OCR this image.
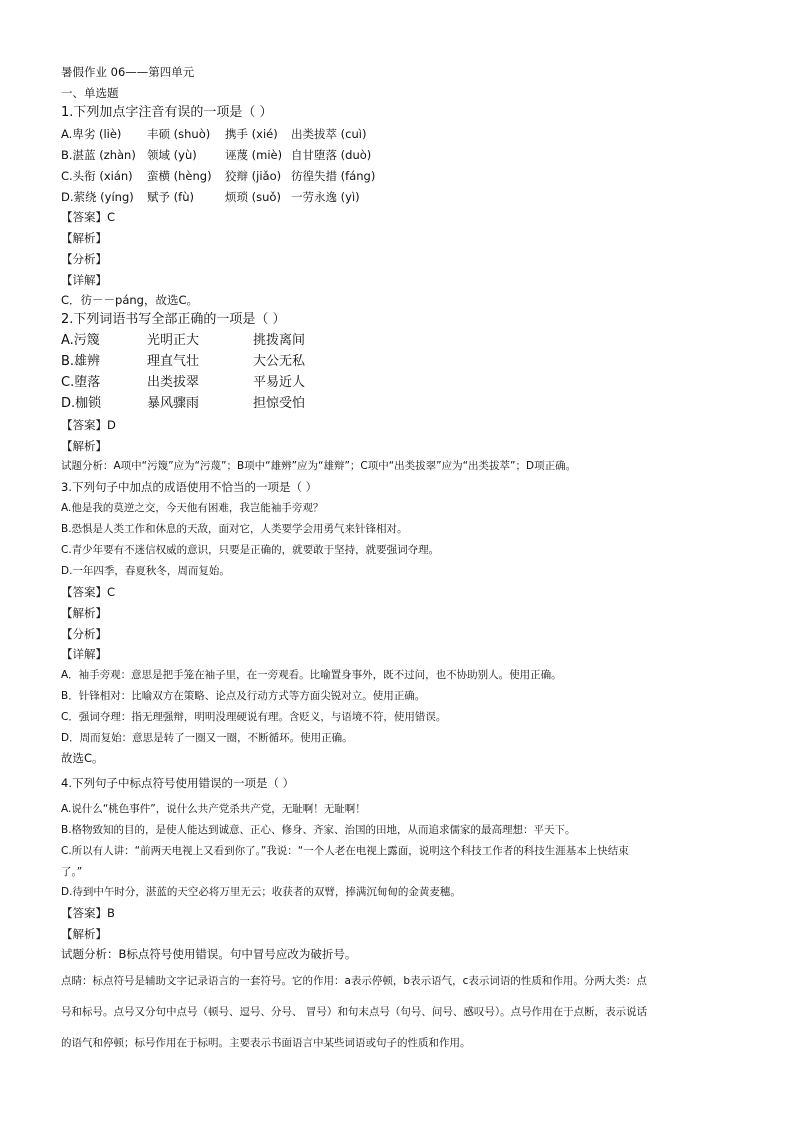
暑假作业 06——第四单元
一、单选题
1.下列加点字注音有误的一项是（ ）
A.卑劣 (liè) 丰硕 (shuò) 携手 (xié) 出类拔萃 (cuì)
B.湛蓝 (zhàn) 领域 (yù) 诬蔑 (miè) 自甘堕落 (duò)
C.头衔 (xián) 蛮横 (hèng) 狡辩 (jiǎo) 彷徨失措 (fáng)
D.萦绕 (yíng) 赋予 (fù)	烦琐 (suǒ) 一劳永逸 (yì)
【答案】C
【解析】
【分析】
【详解】
C．彷－－páng，故选C。
2.下列词语书写全部正确的一项是（ ）
A.污篾	光明正大	挑拨离间
B.雄辨	理直气壮	大公无私
C.堕落	出类拔翠	平易近人
D.枷锁	暴风骤雨	担惊受怕
【答案】D
【解析】
试题分析：A项中“污篾”应为“污蔑”；B项中“雄辨”应为“雄辩”；C项中“出类拔翠”应为“出类拔萃”；D项正确。
3.下列句子中加点的成语使用不恰当的一项是（ ）
A.他是我的莫逆之交，今天他有困难，我岂能袖手旁观？
B.恐惧是人类工作和休息的天敌，面对它，人类要学会用勇气来针锋相对。
C.青少年要有不迷信权威的意识，只要是正确的，就要敢于坚持，就要强词夺理。
D.一年四季，春夏秋冬，周而复始。
【答案】C
【解析】
【分析】
【详解】
A．袖手旁观：意思是把手笼在袖子里，在一旁观看。比喻置身事外，既不过问，也不协助别人。使用正确。
B．针锋相对：比喻双方在策略、论点及行动方式等方面尖锐对立。使用正确。
C．强词夺理：指无理强辩，明明没理硬说有理。含贬义，与语境不符，使用错误。
D．周而复始：意思是转了一圈又一圈，不断循环。使用正确。
故选C。
4.下列句子中标点符号使用错误的一项是（ ）
A.说什么“桃色事件”，说什么共产党杀共产党，无耻啊！无耻啊！
B.格物致知的目的，是使人能达到诚意、正心、修身、齐家、治国的田地，从而追求儒家的最高理想：平天下。
C.所以有人讲：“前两天电视上又看到你了。”我说：“一个人老在电视上露面，说明这个科技工作者的科技生涯基本上快结束
了。”
D.待到中午时分，湛蓝的天空必将万里无云；收获者的双臂，捧满沉甸甸的金黄麦穗。
【答案】B
【解析】
试题分析：B标点符号使用错误。句中冒号应改为破折号。
点睛：标点符号是辅助文字记录语言的一套符号。它的作用：a表示停顿，b表示语气，c表示词语的性质和作用。分两大类：点
号和标号。点号又分句中点号（顿号、逗号、分号、 冒号）和句末点号（句号、问号、感叹号）。点号作用在于点断，表示说话
的语气和停顿；标号作用在于标明。主要表示书面语言中某些词语或句子的性质和作用。
